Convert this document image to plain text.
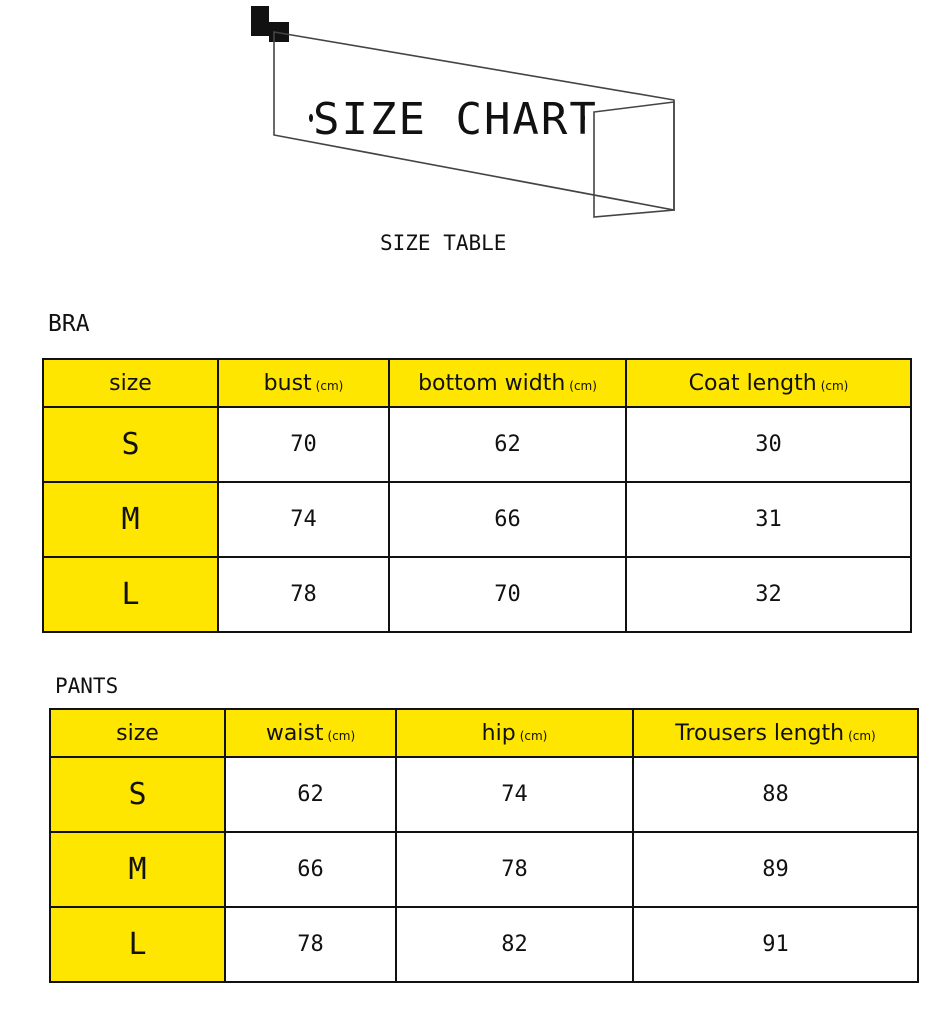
SIZE CHART
SIZE TABLE
BRA
size	bust (cm)	bottom width (cm)	Coat length (cm)
S	70	62	30
M	74	66	31
L	78	70	32
PANTS
size	waist (cm)	hip (cm)	Trousers length (cm)
S	62	74	88
M	66	78	89
L	78	82	91
